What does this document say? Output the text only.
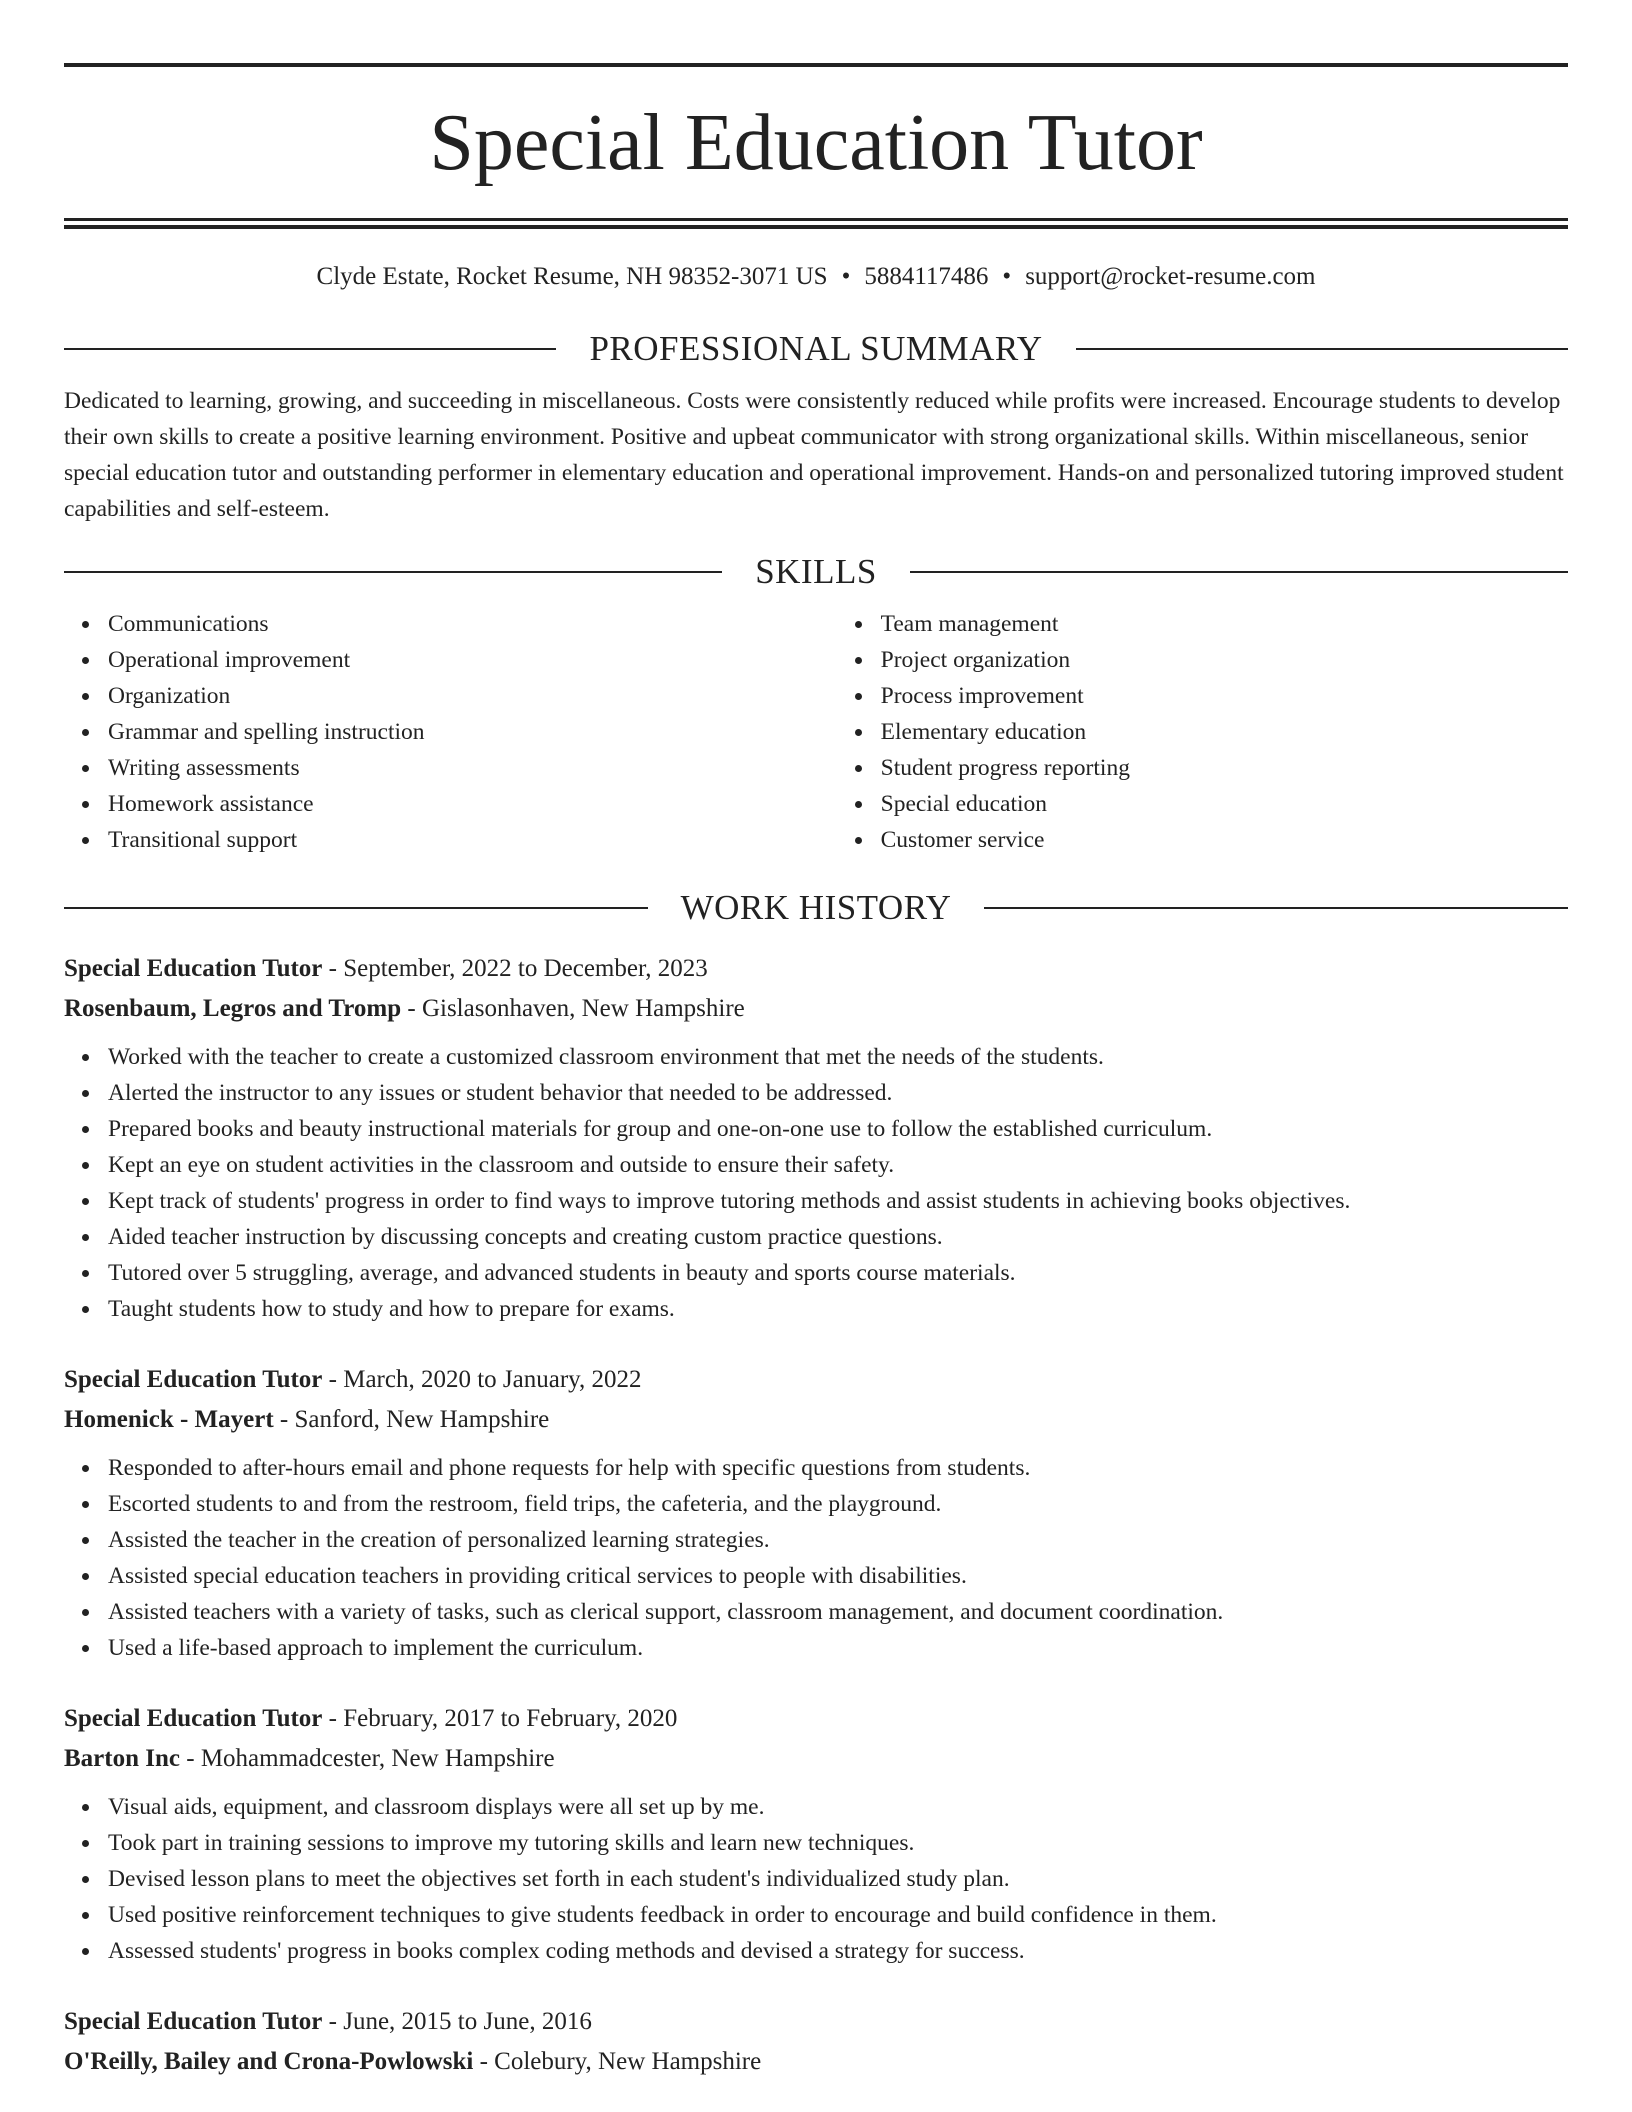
Special Education Tutor
Clyde Estate, Rocket Resume, NH 98352-3071 US • 5884117486 • support@rocket-resume.com
PROFESSIONAL SUMMARY

Dedicated to learning, growing, and succeeding in miscellaneous. Costs were consistently reduced while profits were increased. Encourage students to develop their own skills to create a positive learning environment. Positive and upbeat communicator with strong organizational skills. Within miscellaneous, senior special education tutor and outstanding performer in elementary education and operational improvement. Hands-on and personalized tutoring improved student capabilities and self-esteem.

SKILLS
Communications
Operational improvement
Organization
Grammar and spelling instruction
Writing assessments
Homework assistance
Transitional support
Team management
Project organization
Process improvement
Elementary education
Student progress reporting
Special education
Customer service
WORK HISTORY
Special Education Tutor - September, 2022 to December, 2023
Rosenbaum, Legros and Tromp - Gislasonhaven, New Hampshire
Worked with the teacher to create a customized classroom environment that met the needs of the students.
Alerted the instructor to any issues or student behavior that needed to be addressed.
Prepared books and beauty instructional materials for group and one-on-one use to follow the established curriculum.
Kept an eye on student activities in the classroom and outside to ensure their safety.
Kept track of students' progress in order to find ways to improve tutoring methods and assist students in achieving books objectives.
Aided teacher instruction by discussing concepts and creating custom practice questions.
Tutored over 5 struggling, average, and advanced students in beauty and sports course materials.
Taught students how to study and how to prepare for exams.
Special Education Tutor - March, 2020 to January, 2022
Homenick - Mayert - Sanford, New Hampshire
Responded to after-hours email and phone requests for help with specific questions from students.
Escorted students to and from the restroom, field trips, the cafeteria, and the playground.
Assisted the teacher in the creation of personalized learning strategies.
Assisted special education teachers in providing critical services to people with disabilities.
Assisted teachers with a variety of tasks, such as clerical support, classroom management, and document coordination.
Used a life-based approach to implement the curriculum.
Special Education Tutor - February, 2017 to February, 2020
Barton Inc - Mohammadcester, New Hampshire
Visual aids, equipment, and classroom displays were all set up by me.
Took part in training sessions to improve my tutoring skills and learn new techniques.
Devised lesson plans to meet the objectives set forth in each student's individualized study plan.
Used positive reinforcement techniques to give students feedback in order to encourage and build confidence in them.
Assessed students' progress in books complex coding methods and devised a strategy for success.
Special Education Tutor - June, 2015 to June, 2016
O'Reilly, Bailey and Crona-Powlowski - Colebury, New Hampshire
